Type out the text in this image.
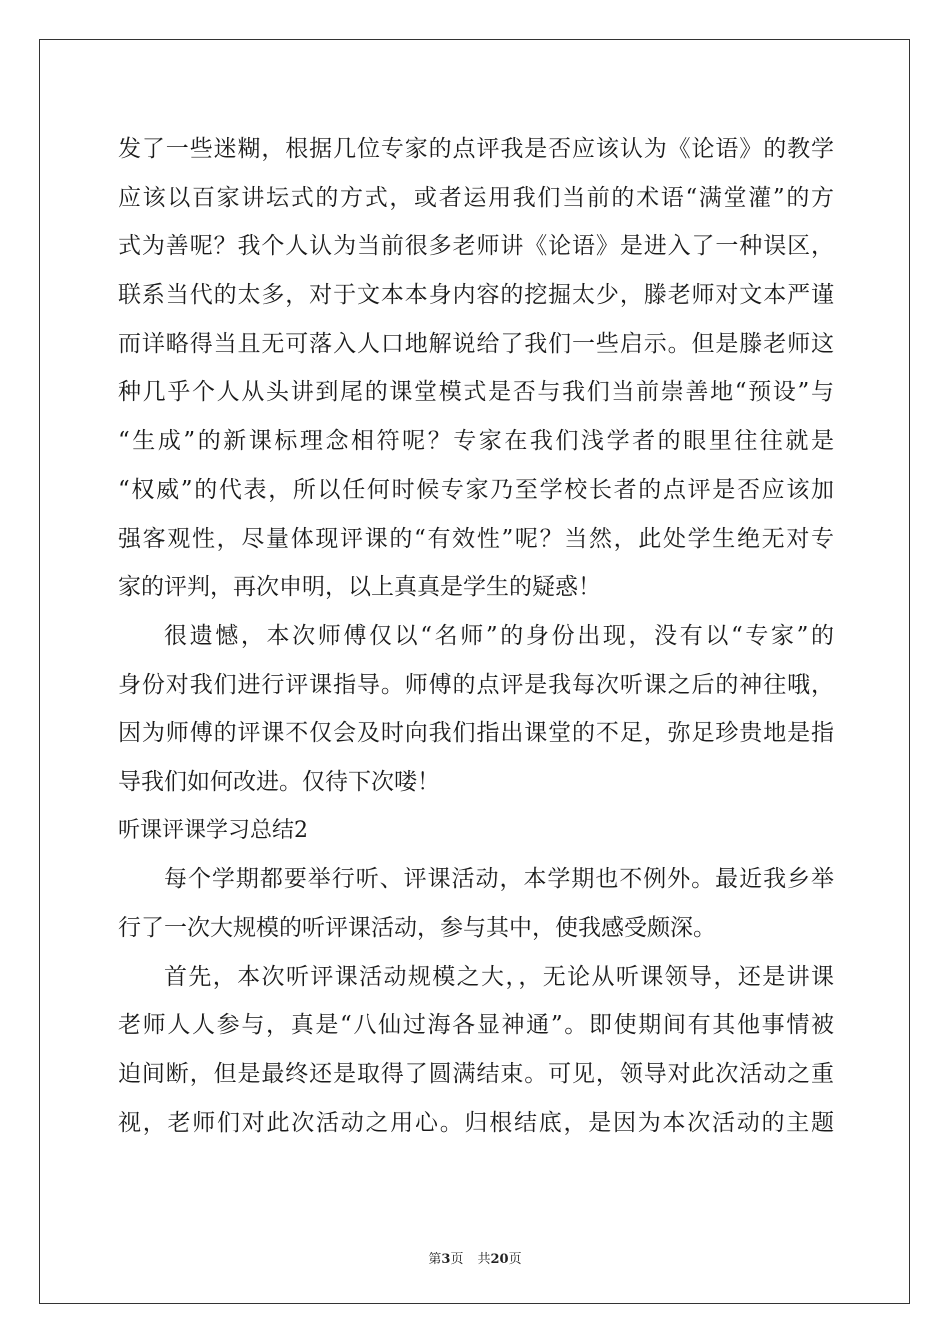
发了一些迷糊，根据几位专家的点评我是否应该认为《论语》的教学
应该以百家讲坛式的方式，或者运用我们当前的术语“满堂灌”的方
式为善呢？我个人认为当前很多老师讲《论语》是进入了一种误区，
联系当代的太多，对于文本本身内容的挖掘太少，滕老师对文本严谨
而详略得当且无可落入人口地解说给了我们一些启示。但是滕老师这
种几乎个人从头讲到尾的课堂模式是否与我们当前崇善地“预设”与
“生成”的新课标理念相符呢？专家在我们浅学者的眼里往往就是
“权威”的代表，所以任何时候专家乃至学校长者的点评是否应该加
强客观性，尽量体现评课的“有效性”呢？当然，此处学生绝无对专
家的评判，再次申明，以上真真是学生的疑惑！
很遗憾，本次师傅仅以“名师”的身份出现，没有以“专家”的
身份对我们进行评课指导。师傅的点评是我每次听课之后的神往哦，
因为师傅的评课不仅会及时向我们指出课堂的不足，弥足珍贵地是指
导我们如何改进。仅待下次喽！
听课评课学习总结2
每个学期都要举行听、评课活动，本学期也不例外。最近我乡举
行了一次大规模的听评课活动，参与其中，使我感受颇深。
首先，本次听评课活动规模之大，，无论从听课领导，还是讲课
老师人人参与，真是“八仙过海各显神通”。即使期间有其他事情被
迫间断，但是最终还是取得了圆满结束。可见，领导对此次活动之重
视，老师们对此次活动之用心。归根结底，是因为本次活动的主题
第3页 共20页
